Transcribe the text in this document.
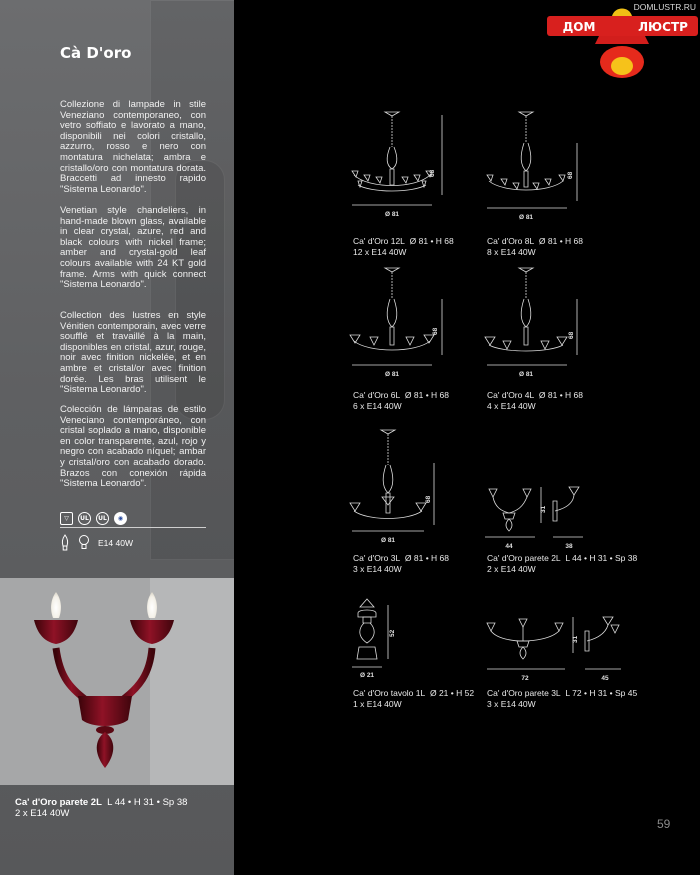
Cà D'oro

Collezione di lampade in stile Veneziano contemporaneo, con vetro soffiato e lavorato a mano, disponibili nei colori cristallo, azzurro, rosso e nero con montatura nichelata; ambra e cristallo/oro con montatura dorata. Braccetti ad innesto rapido "Sistema Leonardo".

Venetian style chandeliers, in hand-made blown glass, available in clear crystal, azure, red and black colours with nickel frame; amber and crystal-gold leaf colours available with 24 KT gold frame. Arms with quick connect "Sistema Leonardo".

Collection des lustres en style Vénitien contemporain, avec verre soufflé et travaillé à la main, disponibles en cristal, azur, rouge, noir avec finition nickelée, et en ambre et cristal/or avec finition dorée. Les bras utilisent le "Sistema Leonardo".

Colección de lámparas de estilo Veneciano contemporáneo, con cristal soplado a mano, disponible en color transparente, azul, rojo y negro con acabado níquel; ambar y cristal/oro con acabado dorado. Brazos con conexión rápida "Sistema Leonardo".

▽	UL	UL	◉
E14 40W
Ca' d'Oro parete 2L L 44 • H 31 • Sp 38
2 x E14 40W
DOMLUSTR.RU
ДОМ	ЛЮСТР
Ø 81
68
Ca' d'Oro 12L Ø 81 • H 68
12 x E14 40W
Ø 81
68
Ca' d'Oro 8L Ø 81 • H 68
8 x E14 40W
Ø 81
68
Ca' d'Oro 6L Ø 81 • H 68
6 x E14 40W
Ø 81
68
Ca' d'Oro 4L Ø 81 • H 68
4 x E14 40W
Ø 81
68
Ca' d'Oro 3L Ø 81 • H 68
3 x E14 40W
44
31
38
Ca' d'Oro parete 2L L 44 • H 31 • Sp 38
2 x E14 40W
Ø 21
52
Ca' d'Oro tavolo 1L Ø 21 • H 52
1 x E14 40W
72
31
45
Ca' d'Oro parete 3L L 72 • H 31 • Sp 45
3 x E14 40W
59
